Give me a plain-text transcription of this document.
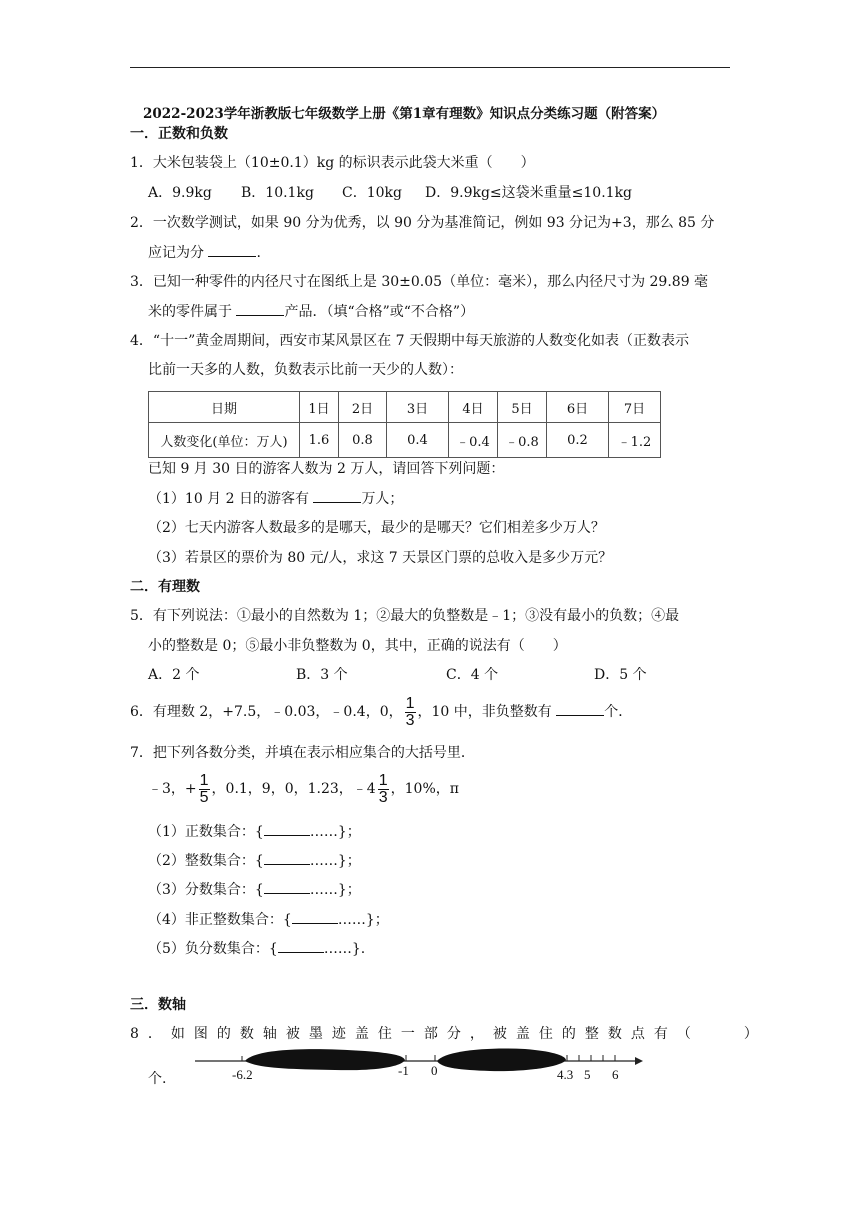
2022-2023学年浙教版七年级数学上册《第1章有理数》知识点分类练习题（附答案）
一．正数和负数
1．大米包装袋上（10±0.1）kg 的标识表示此袋大米重（　　）
A．9.9kg B．10.1kg C．10kg D．9.9kg≤这袋米重量≤10.1kg
2．一次数学测试，如果 90 分为优秀，以 90 分为基准简记，例如 93 分记为+3，那么 85 分
应记为分	.
3．已知一种零件的内径尺寸在图纸上是 30±0.05（单位：毫米），那么内径尺寸为 29.89 毫
米的零件属于	产品．（填“合格”或“不合格”）
4．“十一”黄金周期间，西安市某风景区在 7 天假期中每天旅游的人数变化如表（正数表示
比前一天多的人数，负数表示比前一天少的人数）：
日期	1日	2日	3日	4日	5日	6日	7日
人数变化(单位：万人)	1.6	0.8	0.4	﹣0.4	﹣0.8	0.2	﹣1.2
已知 9 月 30 日的游客人数为 2 万人，请回答下列问题：
（1）10 月 2 日的游客有	万人；
（2）七天内游客人数最多的是哪天，最少的是哪天？它们相差多少万人？
（3）若景区的票价为 80 元/人，求这 7 天景区门票的总收入是多少万元？
二．有理数
5．有下列说法：①最小的自然数为 1；②最大的负整数是﹣1；③没有最小的负数；④最
小的整数是 0；⑤最小非负整数为 0，其中，正确的说法有（　　）
A．2 个	B．3 个	C．4 个	D．5 个
6．有理数 2，+7.5，﹣0.03，﹣0.4，0， $\frac{1}{3}$ ，10 中，非负整数有	个．
7．把下列各数分类，并填在表示相应集合的大括号里．
﹣3，+ $\frac{1}{5}$ ，0.1，9，0，1.23，﹣4 $\frac{1}{3}$ ，10%，π
（1）正数集合：{	……}；
（2）整数集合：{	……}；
（3）分数集合：{	……}；
（4）非正整数集合：{	……}；
（5）负分数集合：{	……}.
三．数轴
8．如图的数轴被墨迹盖住一部分，被盖住的整数点有（	）
个.	-6.2	-1 0	4.3 5 6
